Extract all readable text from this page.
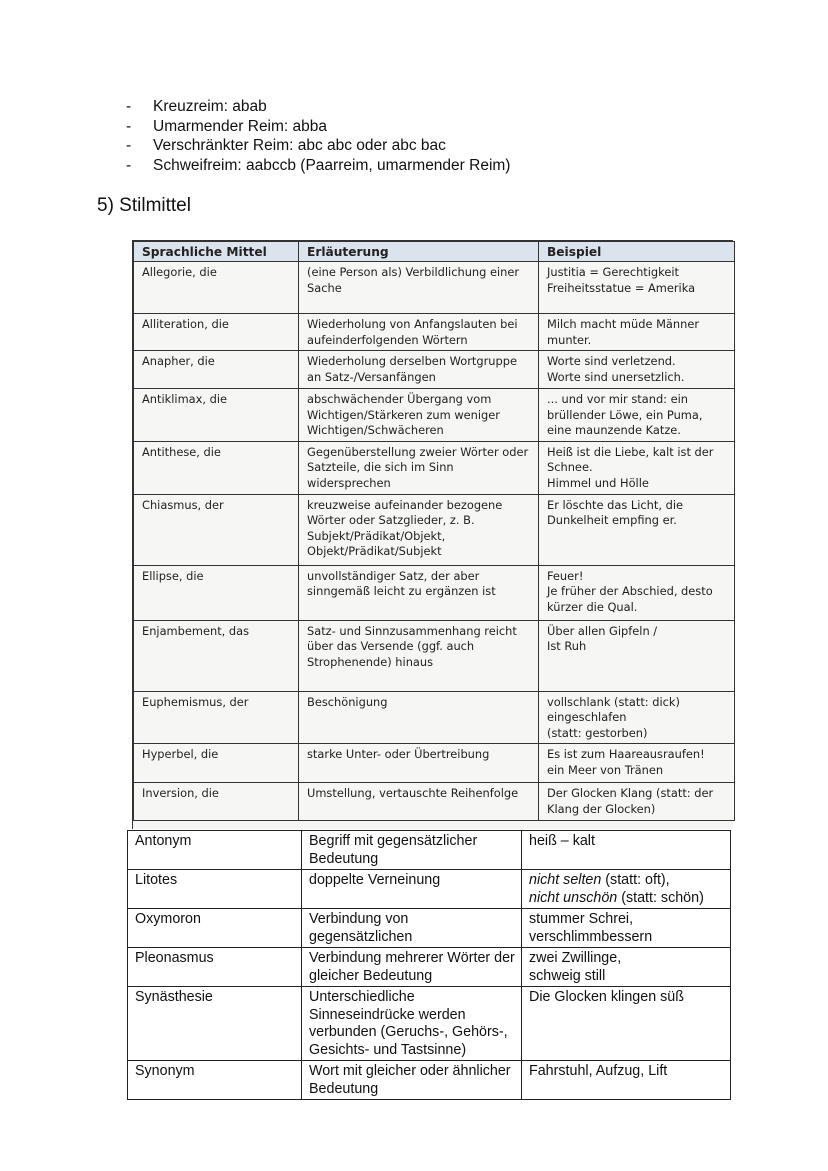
-	Kreuzreim: abab
-	Umarmender Reim: abba
-	Verschränkter Reim: abc abc oder abc bac
-	Schweifreim: aabccb (Paarreim, umarmender Reim)
5) Stilmittel
Sprachliche Mittel	Erläuterung	Beispiel
Allegorie, die	(eine Person als) Verbildlichung einer Sache	Justitia = Gerechtigkeit
Freiheitsstatue = Amerika
Alliteration, die	Wiederholung von Anfangslauten bei aufeinderfolgenden Wörtern	Milch macht müde Männer munter.
Anapher, die	Wiederholung derselben Wortgruppe an Satz-/Versanfängen	Worte sind verletzend.
Worte sind unersetzlich.
Antiklimax, die	abschwächender Übergang vom Wichtigen/Stärkeren zum weniger Wichtigen/Schwächeren	... und vor mir stand: ein brüllender Löwe, ein Puma, eine maunzende Katze.
Antithese, die	Gegenüberstellung zweier Wörter oder Satzteile, die sich im Sinn widersprechen	Heiß ist die Liebe, kalt ist der Schnee.
Himmel und Hölle
Chiasmus, der	kreuzweise aufeinander bezogene Wörter oder Satzglieder, z. B. Subjekt/Prädikat/Objekt, Objekt/Prädikat/Subjekt	Er löschte das Licht, die Dunkelheit empfing er.
Ellipse, die	unvollständiger Satz, der aber sinngemäß leicht zu ergänzen ist	Feuer!
Je früher der Abschied, desto kürzer die Qual.
Enjambement, das	Satz- und Sinnzusammenhang reicht über das Versende (ggf. auch Strophenende) hinaus	Über allen Gipfeln /
Ist Ruh
Euphemismus, der	Beschönigung	vollschlank (statt: dick)
eingeschlafen
(statt: gestorben)
Hyperbel, die	starke Unter- oder Übertreibung	Es ist zum Haareausraufen!
ein Meer von Tränen
Inversion, die	Umstellung, vertauschte Reihenfolge	Der Glocken Klang (statt: der Klang der Glocken)
Antonym	Begriff mit gegensätzlicher Bedeutung	heiß – kalt
Litotes	doppelte Verneinung	nicht selten (statt: oft),
nicht unschön (statt: schön)
Oxymoron	Verbindung von gegensätzlichen	stummer Schrei,
verschlimmbessern
Pleonasmus	Verbindung mehrerer Wörter der gleicher Bedeutung	zwei Zwillinge,
schweig still
Synästhesie	Unterschiedliche Sinneseindrücke werden verbunden (Geruchs-, Gehörs-, Gesichts- und Tastsinne)	Die Glocken klingen süß
Synonym	Wort mit gleicher oder ähnlicher Bedeutung	Fahrstuhl, Aufzug, Lift
